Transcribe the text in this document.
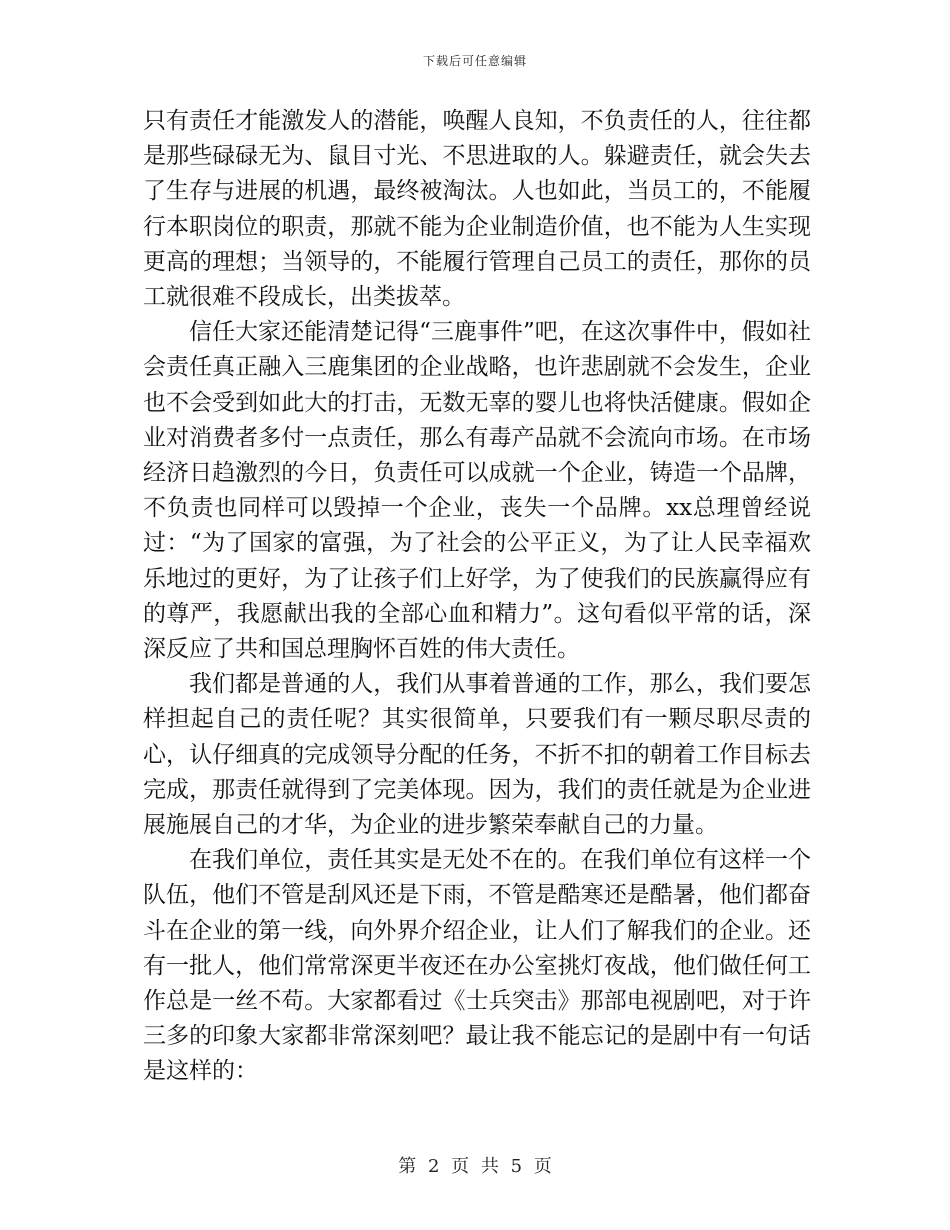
下载后可任意编辑

只有责任才能激发人的潜能，唤醒人良知，不负责任的人，往往都是那些碌碌无为、鼠目寸光、不思进取的人。躲避责任，就会失去了生存与进展的机遇，最终被淘汰。人也如此，当员工的，不能履行本职岗位的职责，那就不能为企业制造价值，也不能为人生实现更高的理想；当领导的，不能履行管理自己员工的责任，那你的员工就很难不段成长，出类拔萃。

信任大家还能清楚记得“三鹿事件”吧，在这次事件中，假如社会责任真正融入三鹿集团的企业战略，也许悲剧就不会发生，企业也不会受到如此大的打击，无数无辜的婴儿也将快活健康。假如企业对消费者多付一点责任，那么有毒产品就不会流向市场。在市场经济日趋激烈的今日，负责任可以成就一个企业，铸造一个品牌，不负责也同样可以毁掉一个企业，丧失一个品牌。xx总理曾经说过：“为了国家的富强，为了社会的公平正义，为了让人民幸福欢乐地过的更好，为了让孩子们上好学，为了使我们的民族赢得应有的尊严，我愿献出我的全部心血和精力”。这句看似平常的话，深深反应了共和国总理胸怀百姓的伟大责任。

我们都是普通的人，我们从事着普通的工作，那么，我们要怎样担起自己的责任呢？其实很简单，只要我们有一颗尽职尽责的心，认仔细真的完成领导分配的任务，不折不扣的朝着工作目标去完成，那责任就得到了完美体现。因为，我们的责任就是为企业进展施展自己的才华，为企业的进步繁荣奉献自己的力量。

在我们单位，责任其实是无处不在的。在我们单位有这样一个队伍，他们不管是刮风还是下雨，不管是酷寒还是酷暑，他们都奋斗在企业的第一线，向外界介绍企业，让人们了解我们的企业。还有一批人，他们常常深更半夜还在办公室挑灯夜战，他们做任何工作总是一丝不苟。大家都看过《士兵突击》那部电视剧吧，对于许三多的印象大家都非常深刻吧？最让我不能忘记的是剧中有一句话是这样的：

第 2 页 共 5 页
